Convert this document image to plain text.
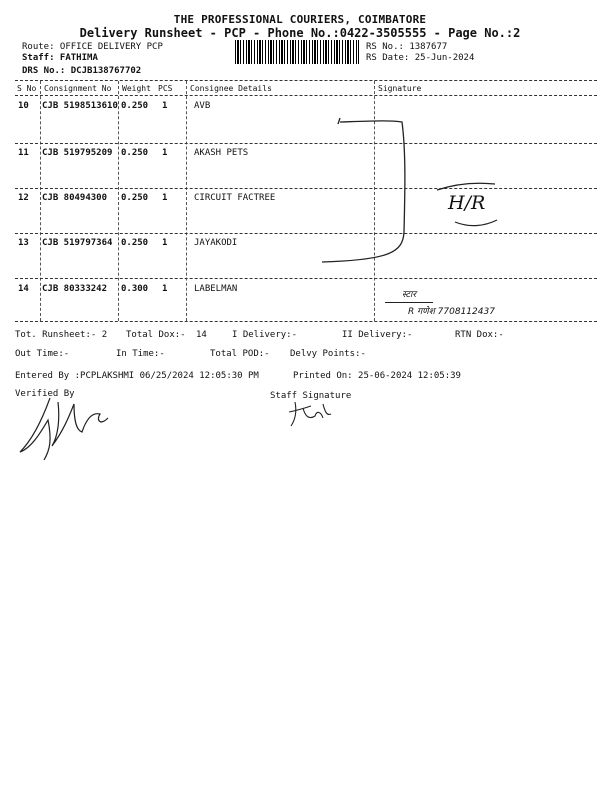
THE PROFESSIONAL COURIERS, COIMBATORE
Delivery Runsheet - PCP - Phone No.:0422-3505555 - Page No.:2
Route: OFFICE DELIVERY PCP
Staff: FATHIMA
DRS No.: DCJB138767702
RS No.: 1387677
RS Date: 25-Jun-2024
S No Consignment No Weight PCS Consignee Details	Signature
10 CJB 5198513610 0.250 1	AVB
11 CJB 519795209 0.250 1	AKASH PETS
12 CJB 80494300 0.250 1	CIRCUIT FACTREE
13 CJB 519797364 0.250 1	JAYAKODI
14 CJB 80333242 0.300 1	LABELMAN
H/R
स्टार
R गणेश 7708112437
Tot. Runsheet:- 2 Total Dox:- 14	I Delivery:-	II Delivery:-	RTN Dox:-
Out Time:-	In Time:-	Total POD:- Delvy Points:-
Entered By :PCPLAKSHMI 06/25/2024 12:05:30 PM	Printed On: 25-06-2024 12:05:39
Verified By	Staff Signature
